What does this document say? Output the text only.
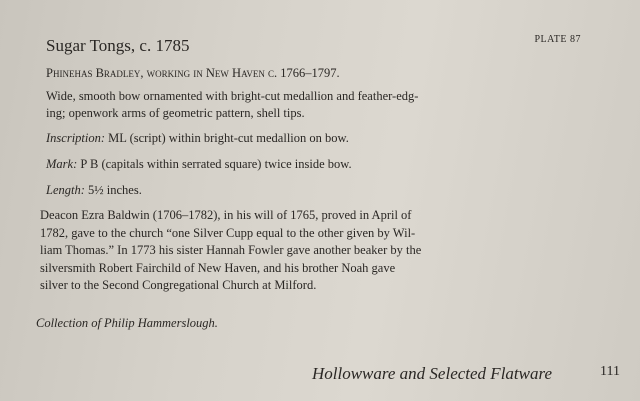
Sugar Tongs, c. 1785	PLATE 87
Phinehas Bradley, working in New Haven c. 1766–1797.
Wide, smooth bow ornamented with bright-cut medallion and feather-edg-
ing; openwork arms of geometric pattern, shell tips.
Inscription: ML (script) within bright-cut medallion on bow.
Mark: P B (capitals within serrated square) twice inside bow.
Length: 5½ inches.
Deacon Ezra Baldwin (1706–1782), in his will of 1765, proved in April of
1782, gave to the church “one Silver Cupp equal to the other given by Wil-
liam Thomas.” In 1773 his sister Hannah Fowler gave another beaker by the
silversmith Robert Fairchild of New Haven, and his brother Noah gave
silver to the Second Congregational Church at Milford.
Collection of Philip Hammerslough.
Hollowware and Selected Flatware	111
